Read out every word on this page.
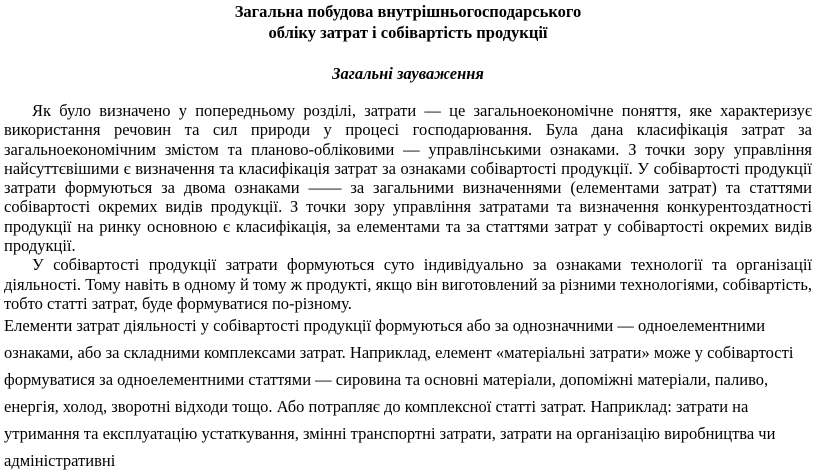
Загальна побудова внутрішньогосподарського

обліку затрат і собівартість продукції

Загальні зауваження

Як було визначено у попередньому розділі, затрати — це загальноекономічне поняття, яке характеризує використання речовин та сил природи у процесі господарювання. Була дана класифікація затрат за загальноекономічним змістом та планово-обліковими — управлінськими ознаками. З точки зору управління найсуттєвішими є визначення та класифікація затрат за ознаками собівартості продукції. У собівартості продукції затрати формуються за двома ознаками —— за загальними визначеннями (елементами затрат) та статтями собівартості окремих видів продукції. З точки зору управління затратами та визначення конкурентоздатності продукції на ринку основною є класифікація, за елементами та за статтями затрат у собівартості окремих видів продукції.

У собівартості продукції затрати формуються суто індивідуально за ознаками технології та організації діяльності. Тому навіть в одному й тому ж продукті, якщо він виготовлений за різними технологіями, собівартість, тобто статті затрат, буде формуватися по-різному.

Елементи затрат діяльності у собівартості продукції формуються або за однозначними — одноелементними ознаками, або за складними комплексами затрат. Наприклад, елемент «матеріальні затрати» може у собівартості формуватися за одноелементними статтями — сировина та основні матеріали, допоміжні матеріали, паливо, енергія, холод, зворотні відходи тощо. Або потрапляє до комплексної статті затрат. Наприклад: затрати на утримання та експлуатацію устаткування, змінні транспортні затрати, затрати на організацію виробництва чи адміністративні
